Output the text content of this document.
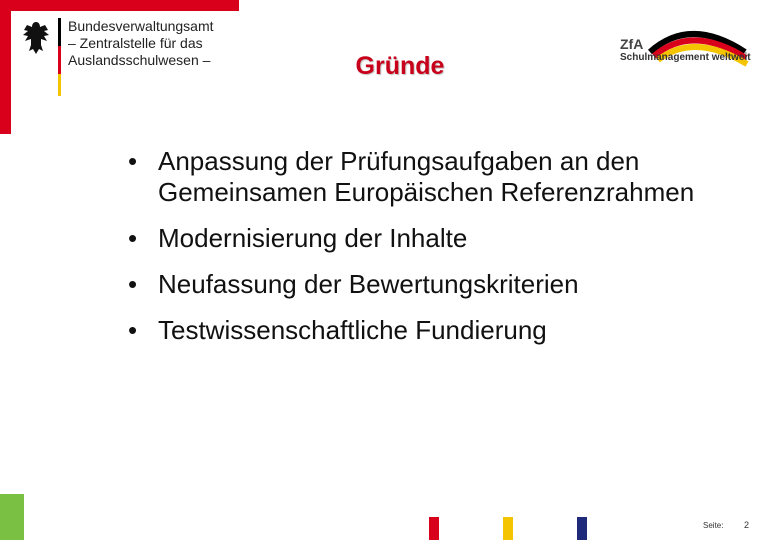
Bundesverwaltungsamt
– Zentralstelle für das
Auslandsschulwesen –
ZfA
Schulmanagement weltweit
Gründe
• Anpassung der Prüfungsaufgaben an den Gemeinsamen Europäischen Referenzrahmen
• Modernisierung der Inhalte
• Neufassung der Bewertungskriterien
• Testwissenschaftliche Fundierung
Seite: 2
